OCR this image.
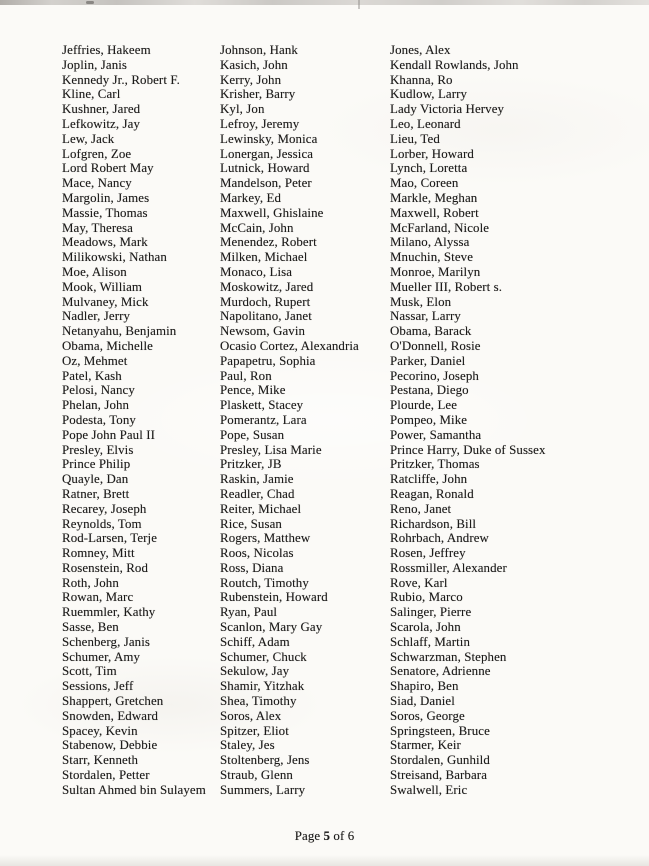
Jeffries, Hakeem
Joplin, Janis
Kennedy Jr., Robert F.
Kline, Carl
Kushner, Jared
Lefkowitz, Jay
Lew, Jack
Lofgren, Zoe
Lord Robert May
Mace, Nancy
Margolin, James
Massie, Thomas
May, Theresa
Meadows, Mark
Milikowski, Nathan
Moe, Alison
Mook, William
Mulvaney, Mick
Nadler, Jerry
Netanyahu, Benjamin
Obama, Michelle
Oz, Mehmet
Patel, Kash
Pelosi, Nancy
Phelan, John
Podesta, Tony
Pope John Paul II
Presley, Elvis
Prince Philip
Quayle, Dan
Ratner, Brett
Recarey, Joseph
Reynolds, Tom
Rod-Larsen, Terje
Romney, Mitt
Rosenstein, Rod
Roth, John
Rowan, Marc
Ruemmler, Kathy
Sasse, Ben
Schenberg, Janis
Schumer, Amy
Scott, Tim
Sessions, Jeff
Shappert, Gretchen
Snowden, Edward
Spacey, Kevin
Stabenow, Debbie
Starr, Kenneth
Stordalen, Petter
Sultan Ahmed bin Sulayem
Johnson, Hank
Kasich, John
Kerry, John
Krisher, Barry
Kyl, Jon
Lefroy, Jeremy
Lewinsky, Monica
Lonergan, Jessica
Lutnick, Howard
Mandelson, Peter
Markey, Ed
Maxwell, Ghislaine
McCain, John
Menendez, Robert
Milken, Michael
Monaco, Lisa
Moskowitz, Jared
Murdoch, Rupert
Napolitano, Janet
Newsom, Gavin
Ocasio Cortez, Alexandria
Papapetru, Sophia
Paul, Ron
Pence, Mike
Plaskett, Stacey
Pomerantz, Lara
Pope, Susan
Presley, Lisa Marie
Pritzker, JB
Raskin, Jamie
Readler, Chad
Reiter, Michael
Rice, Susan
Rogers, Matthew
Roos, Nicolas
Ross, Diana
Routch, Timothy
Rubenstein, Howard
Ryan, Paul
Scanlon, Mary Gay
Schiff, Adam
Schumer, Chuck
Sekulow, Jay
Shamir, Yitzhak
Shea, Timothy
Soros, Alex
Spitzer, Eliot
Staley, Jes
Stoltenberg, Jens
Straub, Glenn
Summers, Larry
Jones, Alex
Kendall Rowlands, John
Khanna, Ro
Kudlow, Larry
Lady Victoria Hervey
Leo, Leonard
Lieu, Ted
Lorber, Howard
Lynch, Loretta
Mao, Coreen
Markle, Meghan
Maxwell, Robert
McFarland, Nicole
Milano, Alyssa
Mnuchin, Steve
Monroe, Marilyn
Mueller III, Robert s.
Musk, Elon
Nassar, Larry
Obama, Barack
O'Donnell, Rosie
Parker, Daniel
Pecorino, Joseph
Pestana, Diego
Plourde, Lee
Pompeo, Mike
Power, Samantha
Prince Harry, Duke of Sussex
Pritzker, Thomas
Ratcliffe, John
Reagan, Ronald
Reno, Janet
Richardson, Bill
Rohrbach, Andrew
Rosen, Jeffrey
Rossmiller, Alexander
Rove, Karl
Rubio, Marco
Salinger, Pierre
Scarola, John
Schlaff, Martin
Schwarzman, Stephen
Senatore, Adrienne
Shapiro, Ben
Siad, Daniel
Soros, George
Springsteen, Bruce
Starmer, Keir
Stordalen, Gunhild
Streisand, Barbara
Swalwell, Eric
Page 5 of 6
